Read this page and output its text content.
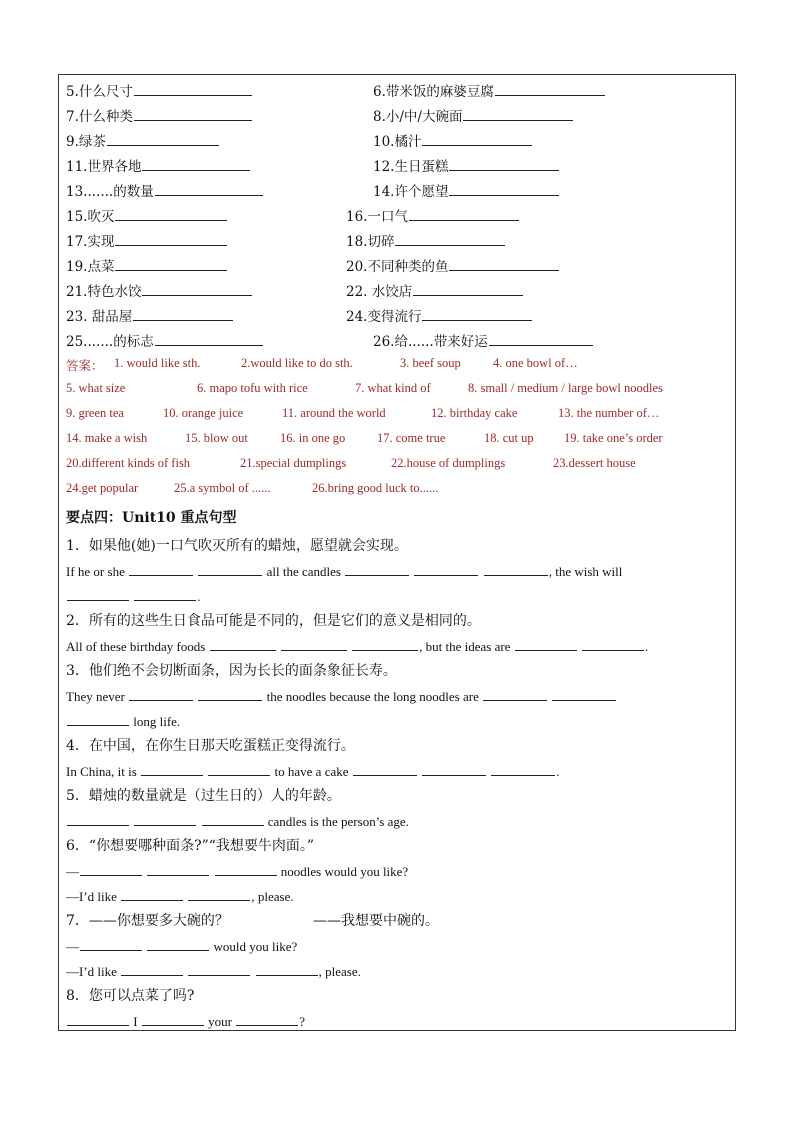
5.什么尺寸	6.带米饭的麻婆豆腐
7.什么种类	8.小/中/大碗面
9.绿茶	10.橘汁
11.世界各地	12.生日蛋糕
13.......的数量	14.许个愿望
15.吹灭	16.一口气
17.实现	18.切碎
19.点菜	20.不同种类的鱼
21.特色水饺	22. 水饺店
23. 甜品屋	24.变得流行
25.......的标志	26.给......带来好运
答案： 1. would like sth.	2.would like to do sth.	3. beef soup	4. one bowl of…
5. what size	6. mapo tofu with rice	7. what kind of	8. small / medium / large bowl noodles
9. green tea	10. orange juice	11. around the world	12. birthday cake	13. the number of…
14. make a wish	15. blow out	16. in one go	17. come true	18. cut up 19. take one’s order
20.different kinds of fish	21.special dumplings	22.house of dumplings	23.dessert house
24.get popular	25.a symbol of ......	26.bring good luck to......
要点四：Unit10 重点句型
1．如果他(她)一口气吹灭所有的蜡烛，愿望就会实现。
If he or she	all the candles	, the wish will
.
2．所有的这些生日食品可能是不同的，但是它们的意义是相同的。
All of these birthday foods	, but the ideas are	.
3．他们绝不会切断面条，因为长长的面条象征长寿。
They never	the noodles because the long noodles are
long life.
4．在中国，在你生日那天吃蛋糕正变得流行。
In China, it is	to have a cake	.
5．蜡烛的数量就是（过生日的）人的年龄。
candles is the person’s age.
6．“你想要哪种面条?”“我想要牛肉面。”
—	noodles would you like?
—I’d like	, please.
7．——你想要多大碗的？	——我想要中碗的。
—	would you like?
—I’d like	, please.
8．您可以点菜了吗?
I	your	?
